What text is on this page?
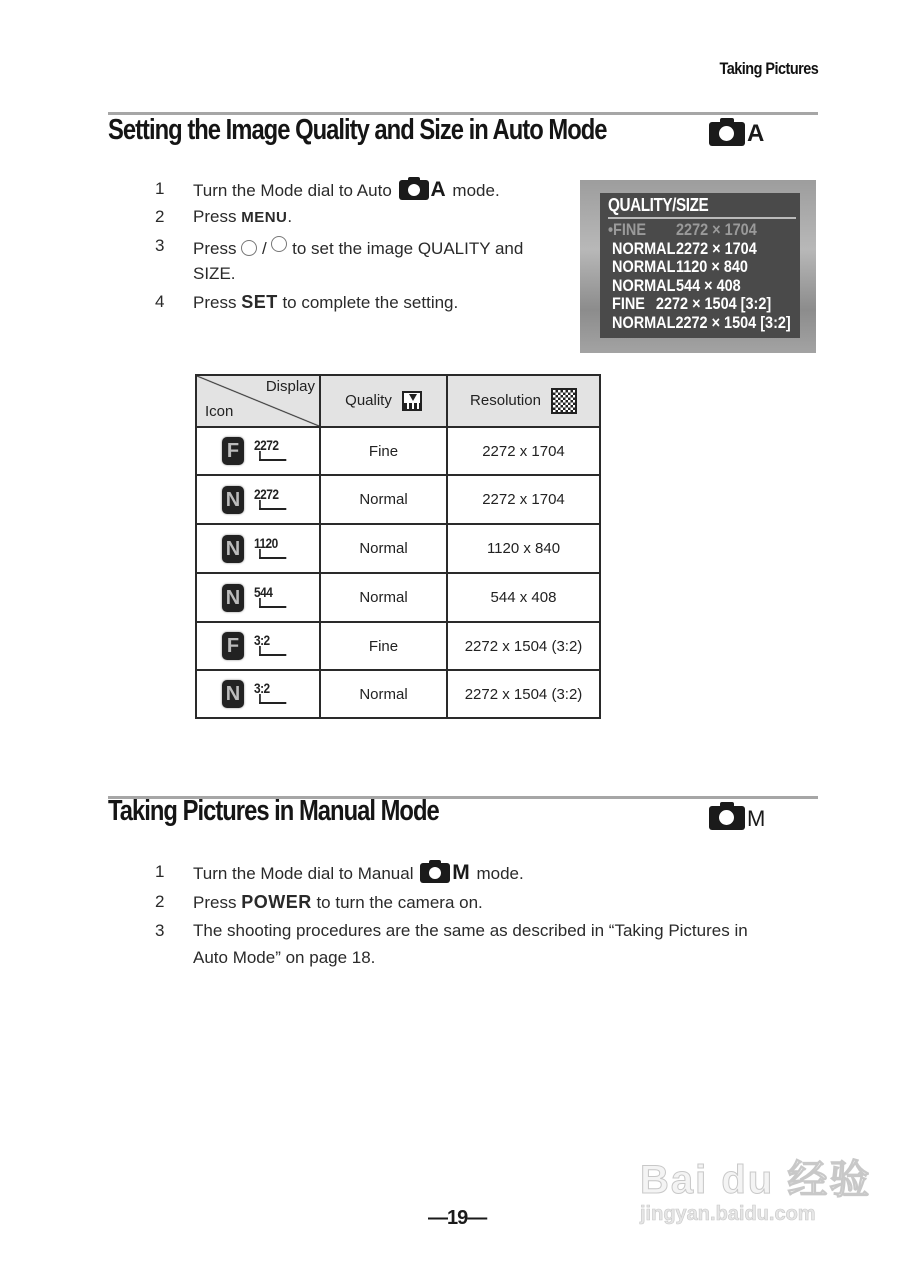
Taking Pictures
Setting the Image Quality and Size in Auto Mode	A
1	Turn the Mode dial to Auto A mode.
2	Press MENU.
3	Press / to set the image QUALITY and
SIZE.
4	Press SET to complete the setting.
QUALITY/SIZE
•FINE	2272 × 1704
NORMAL 2272 × 1704
NORMAL 1120 × 840
NORMAL 544 × 408
FINE 2272 × 1504 [3:2]
NORMAL 2272 × 1504 [3:2]
Display
Icon	Quality	Resolution
F 2272	Fine	2272 x 1704
N 2272	Normal	2272 x 1704
N 1120	Normal	1120 x 840
N 544	Normal	544 x 408
F 3:2	Fine	2272 x 1504 (3:2)
N 3:2	Normal	2272 x 1504 (3:2)
Taking Pictures in Manual Mode	M
1	Turn the Mode dial to Manual M mode.
2	Press POWER to turn the camera on.
3	The shooting procedures are the same as described in “Taking Pictures in
Auto Mode” on page 18.
—19—
Bai du 经验
jingyan.baidu.com
